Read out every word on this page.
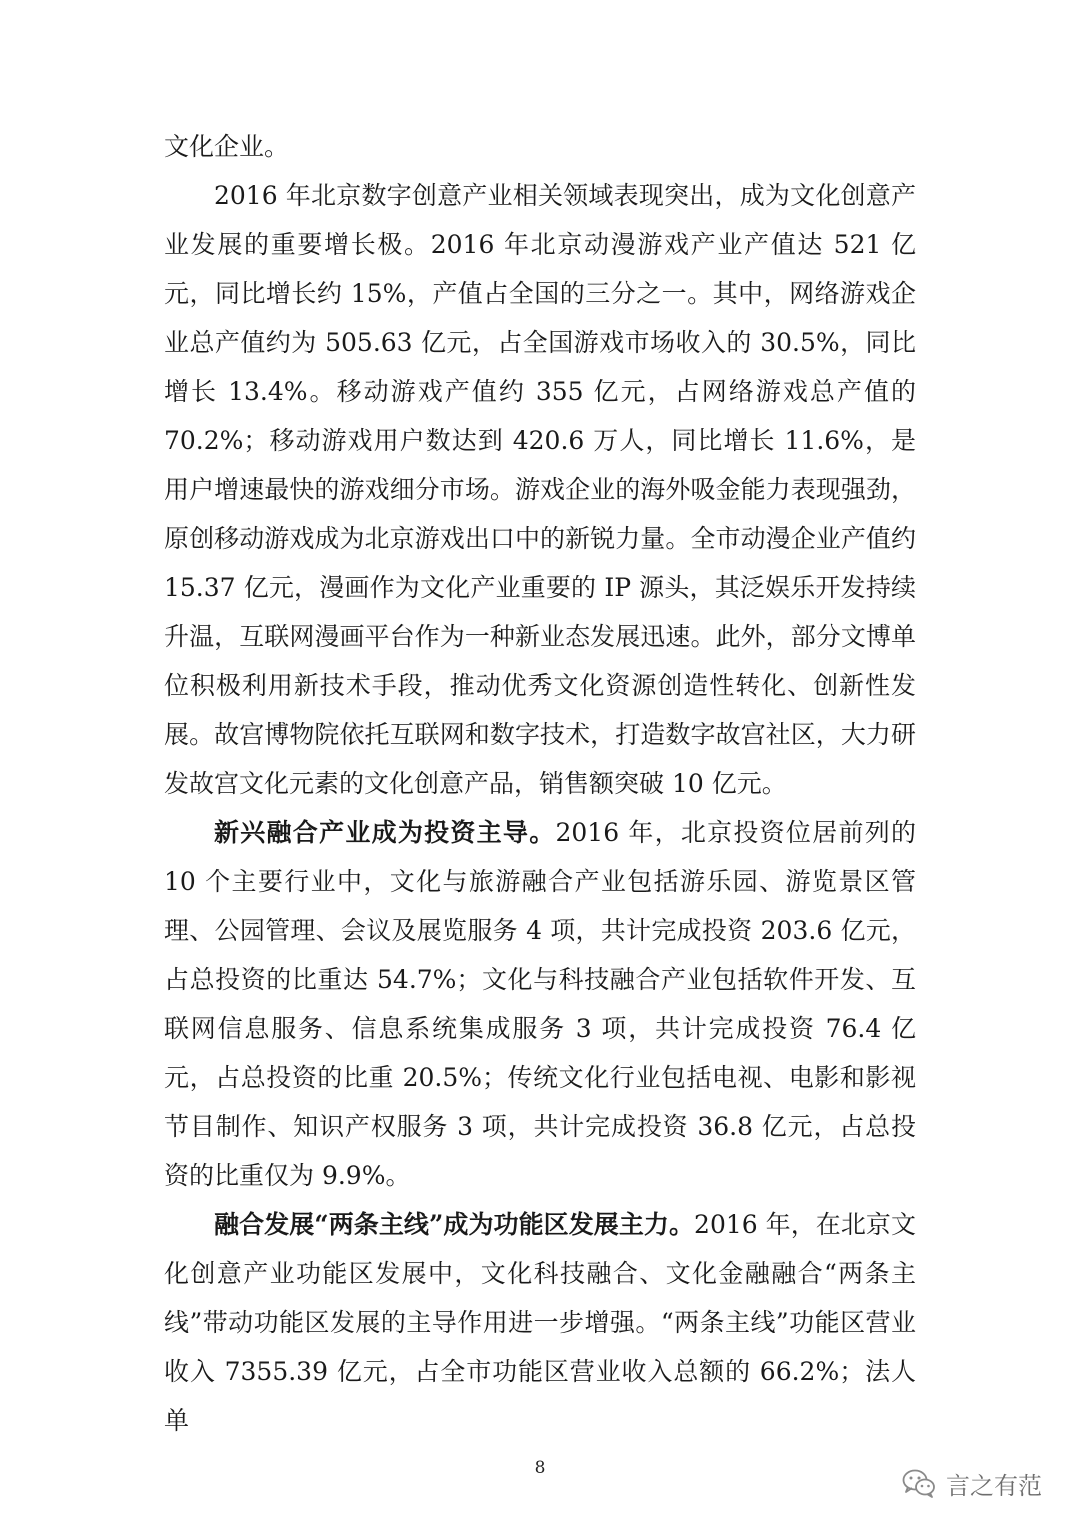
文化企业。

2016 年北京数字创意产业相关领域表现突出，成为文化创意产业发展的重要增长极。2016 年北京动漫游戏产业产值达 521 亿元，同比增长约 15%，产值占全国的三分之一。其中，网络游戏企业总产值约为 505.63 亿元，占全国游戏市场收入的 30.5%，同比增长 13.4%。移动游戏产值约 355 亿元，占网络游戏总产值的 70.2%；移动游戏用户数达到 420.6 万人，同比增长 11.6%，是用户增速最快的游戏细分市场。游戏企业的海外吸金能力表现强劲，原创移动游戏成为北京游戏出口中的新锐力量。全市动漫企业产值约 15.37 亿元，漫画作为文化产业重要的 IP 源头，其泛娱乐开发持续升温，互联网漫画平台作为一种新业态发展迅速。此外，部分文博单位积极利用新技术手段，推动优秀文化资源创造性转化、创新性发展。故宫博物院依托互联网和数字技术，打造数字故宫社区，大力研发故宫文化元素的文化创意产品，销售额突破 10 亿元。

新兴融合产业成为投资主导。2016 年，北京投资位居前列的 10 个主要行业中，文化与旅游融合产业包括游乐园、游览景区管理、公园管理、会议及展览服务 4 项，共计完成投资 203.6 亿元，占总投资的比重达 54.7%；文化与科技融合产业包括软件开发、互联网信息服务、信息系统集成服务 3 项，共计完成投资 76.4 亿元，占总投资的比重 20.5%；传统文化行业包括电视、电影和影视节目制作、知识产权服务 3 项，共计完成投资 36.8 亿元，占总投资的比重仅为 9.9%。

融合发展“两条主线”成为功能区发展主力。2016 年，在北京文化创意产业功能区发展中，文化科技融合、文化金融融合“两条主线”带动功能区发展的主导作用进一步增强。“两条主线”功能区营业收入 7355.39 亿元，占全市功能区营业收入总额的 66.2%；法人单

8
言之有范
